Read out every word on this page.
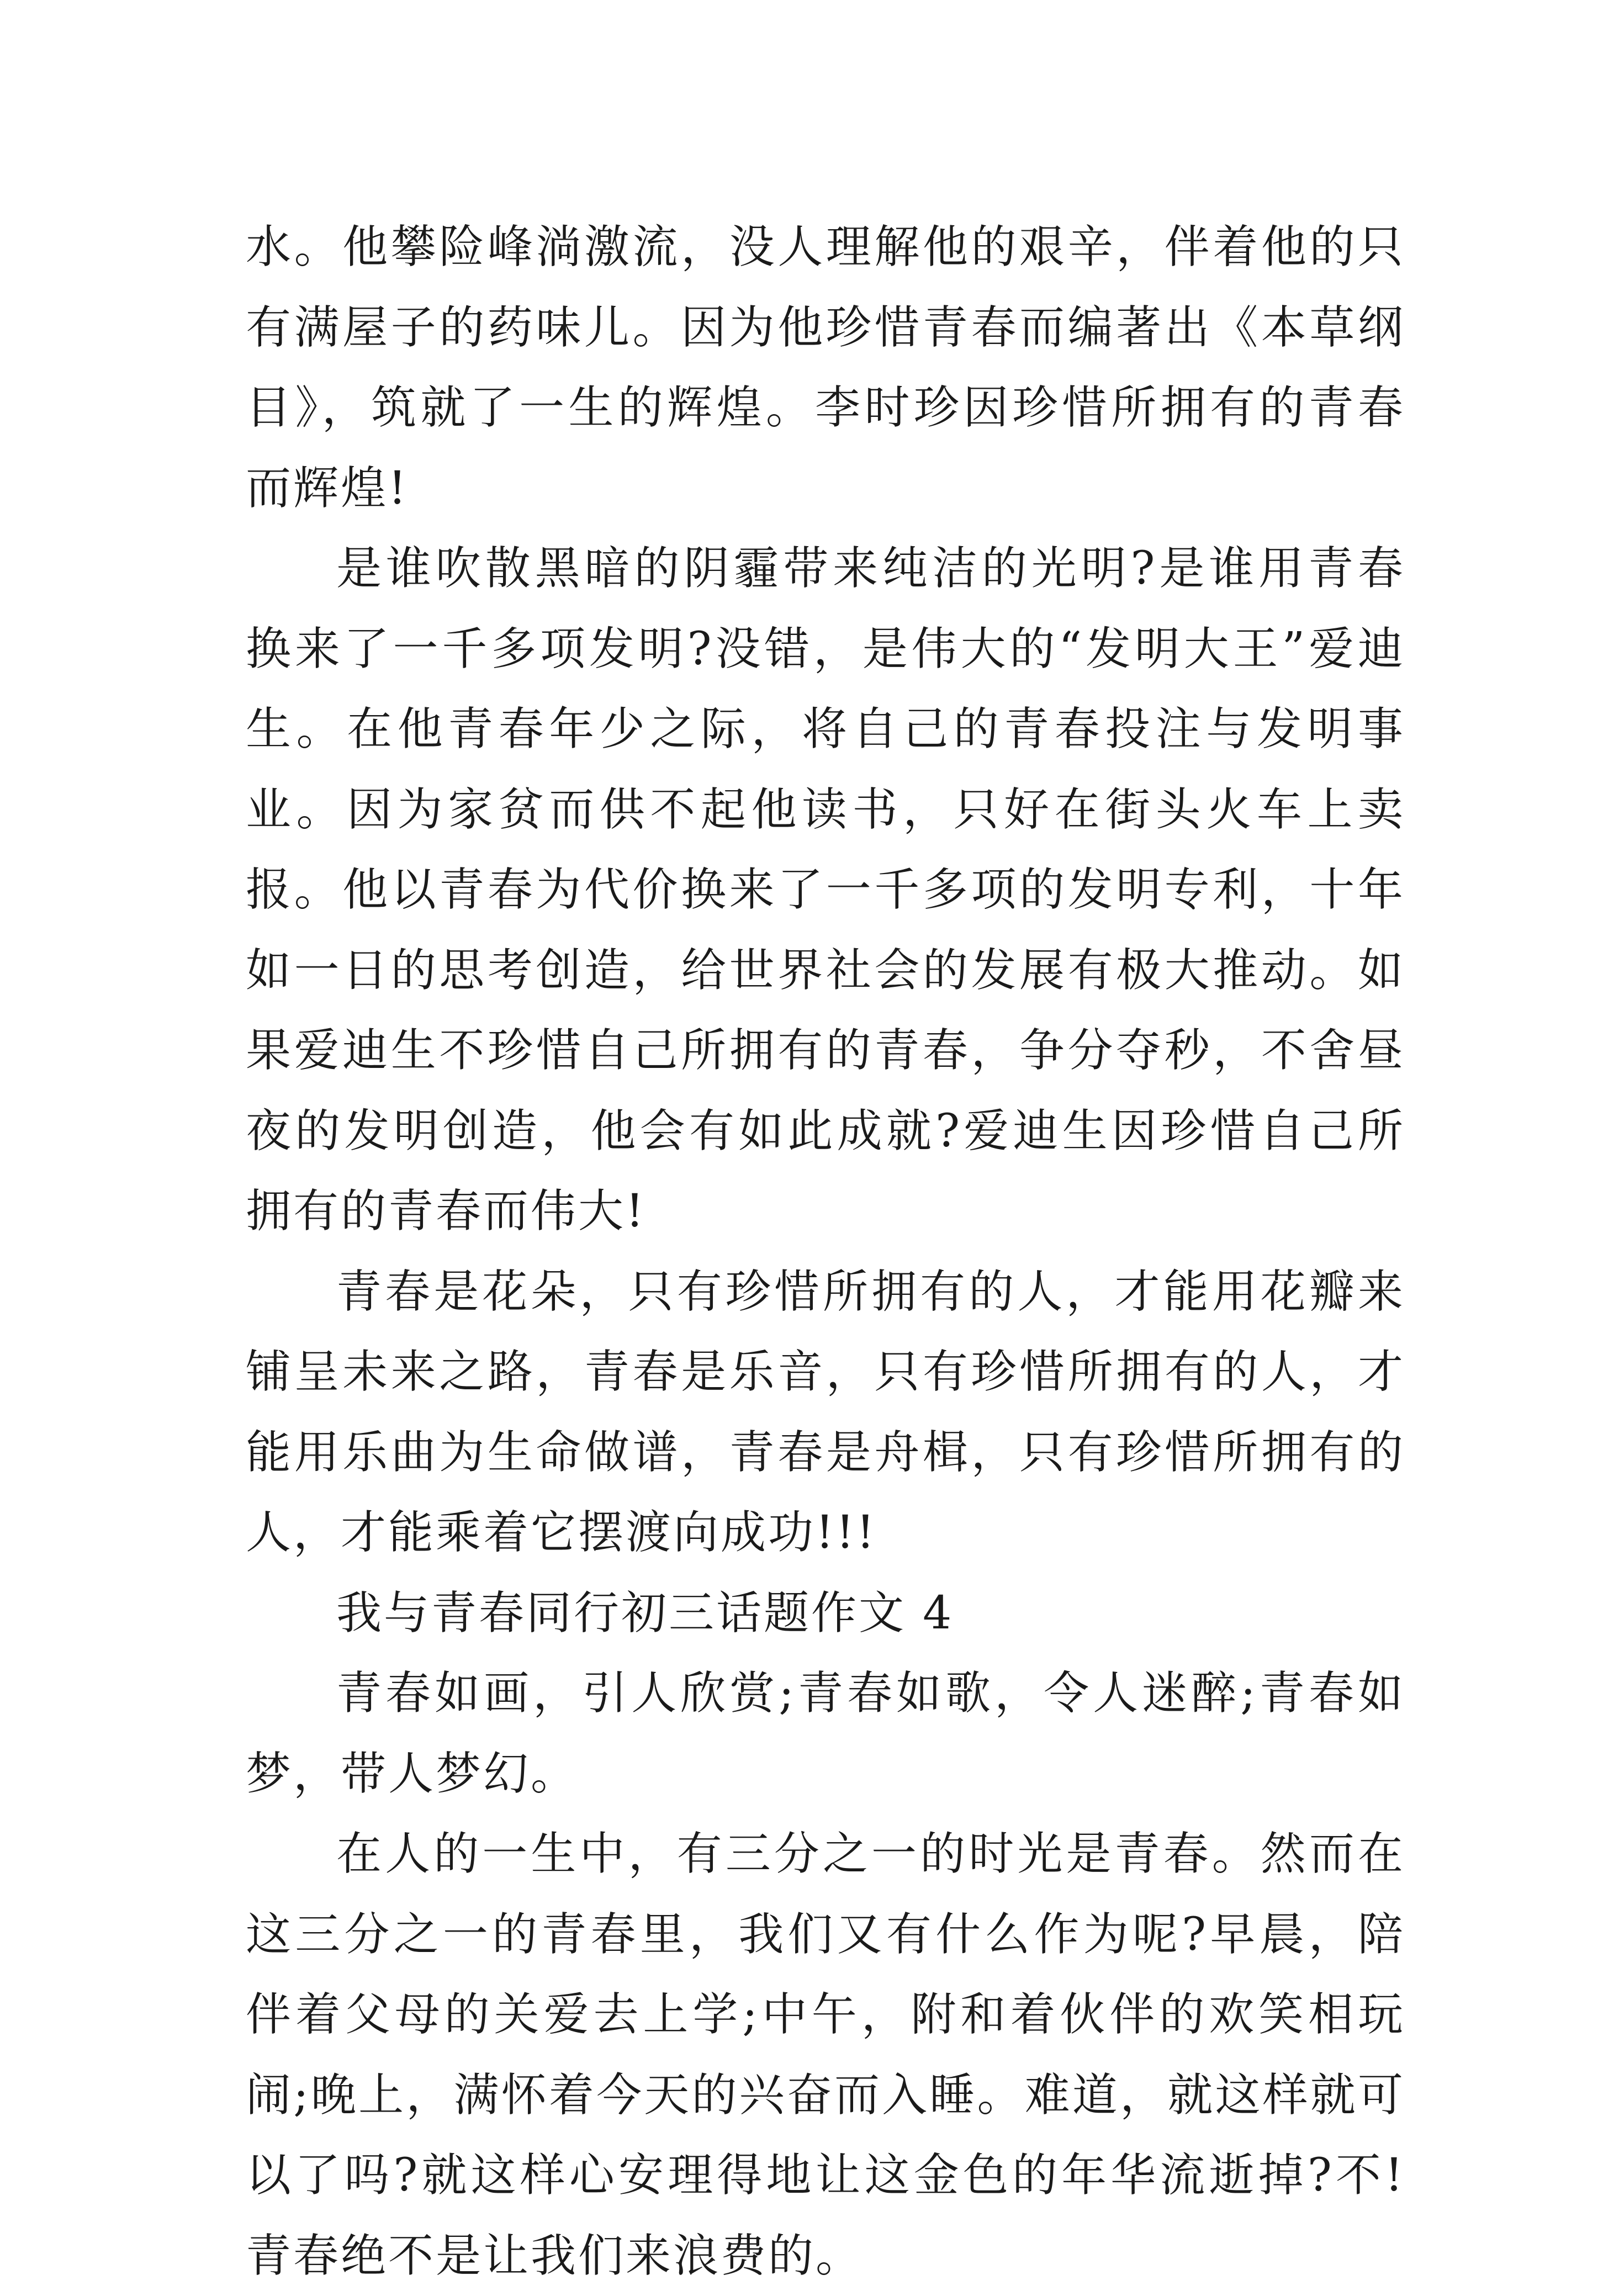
水。他攀险峰淌激流，没人理解他的艰辛，伴着他的只有满屋子的药味儿。因为他珍惜青春而编著出《本草纲目》，筑就了一生的辉煌。李时珍因珍惜所拥有的青春而辉煌!

是谁吹散黑暗的阴霾带来纯洁的光明?是谁用青春换来了一千多项发明?没错，是伟大的“发明大王”爱迪生。在他青春年少之际，将自己的青春投注与发明事业。因为家贫而供不起他读书，只好在街头火车上卖报。他以青春为代价换来了一千多项的发明专利，十年如一日的思考创造，给世界社会的发展有极大推动。如果爱迪生不珍惜自己所拥有的青春，争分夺秒，不舍昼夜的发明创造，他会有如此成就?爱迪生因珍惜自己所拥有的青春而伟大!

青春是花朵，只有珍惜所拥有的人，才能用花瓣来铺呈未来之路，青春是乐音，只有珍惜所拥有的人，才能用乐曲为生命做谱，青春是舟楫，只有珍惜所拥有的人，才能乘着它摆渡向成功!!!

我与青春同行初三话题作文 4

青春如画，引人欣赏;青春如歌，令人迷醉;青春如梦，带人梦幻。

在人的一生中，有三分之一的时光是青春。然而在这三分之一的青春里，我们又有什么作为呢?早晨，陪伴着父母的关爱去上学;中午，附和着伙伴的欢笑相玩闹;晚上，满怀着今天的兴奋而入睡。难道，就这样就可以了吗?就这样心安理得地让这金色的年华流逝掉?不!青春绝不是让我们来浪费的。
